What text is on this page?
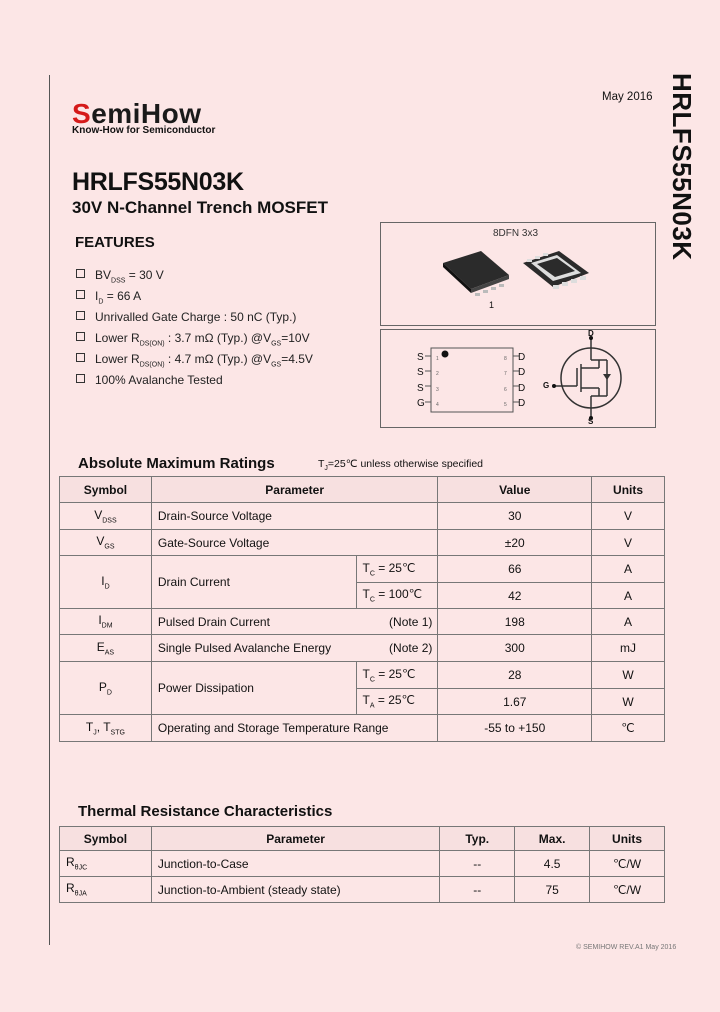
SemiHow
Know-How for Semiconductor
May 2016 HRLFS55N03K
HRLFS55N03K
30V N-Channel Trench MOSFET
FEATURES
$BV_{DSS} = 30$ V
$I_D = 66$ A
Unrivalled Gate Charge : 50 nC (Typ.)
Lower $R_{DS(ON)}$ : 3.7 mΩ (Typ.) $@V_{GS}=10V$
Lower $R_{DS(ON)}$ : 4.7 mΩ (Typ.) $@V_{GS}=4.5V$
100% Avalanche Tested
8DFN 3x3
1
S
S
S
G
1
2
3
4
8
7
6
5
D
D
D
D
D
G
S
Absolute Maximum Ratings	$T_J=25℃$ unless otherwise specified
Symbol	Parameter		Value	Units
$V_{DSS}$	Drain-Source Voltage		30	V
$V_{GS}$	Gate-Source Voltage		±20	V
$I_D$	Drain Current	$T_C$ = 25℃	66	A
		$T_C$ = 100℃	42	A
$I_{DM}$	Pulsed Drain Current (Note 1)		198	A
$E_{AS}$	Single Pulsed Avalanche Energy (Note 2)		300	mJ
$P_D$	Power Dissipation	$T_C$ = 25℃	28	W
		$T_A$ = 25℃	1.67	W
$T_J$, $T_{STG}$	Operating and Storage Temperature Range		-55 to +150	℃
Thermal Resistance Characteristics
Symbol	Parameter	Typ.	Max.	Units
$R_{\theta JC}$	Junction-to-Case	--	4.5	℃/W
$R_{\theta JA}$	Junction-to-Ambient (steady state)	--	75	℃/W
© SEMIHOW REV.A1 May 2016
